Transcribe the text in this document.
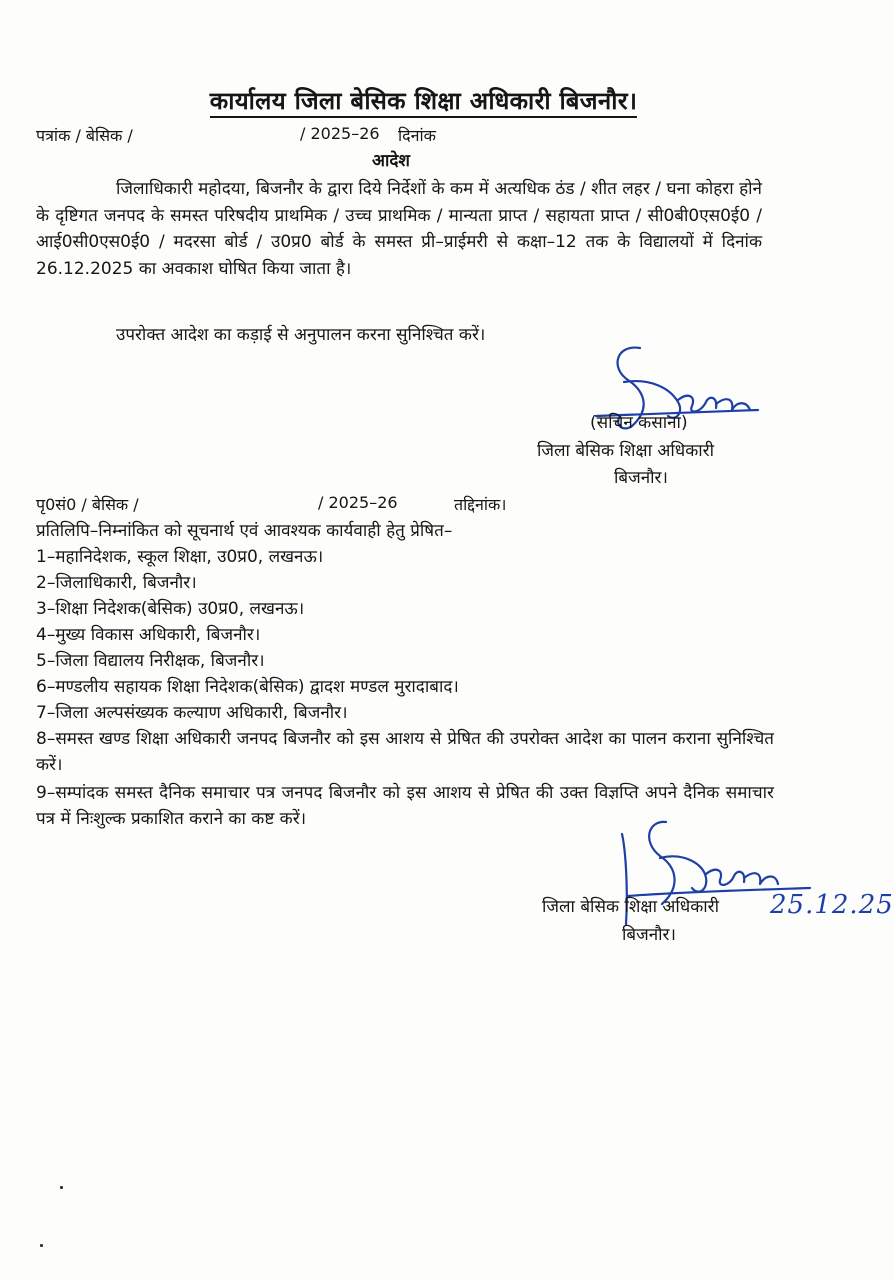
कार्यालय जिला बेसिक शिक्षा अधिकारी बिजनौर।
पत्रांक / बेसिक /	/ 2025–26 दिनांक
आदेश
जिलाधिकारी महोदया, बिजनौर के द्वारा दिये निर्देशों के कम में अत्यधिक ठंड / शीत लहर / घना कोहरा होने के दृष्टिगत जनपद के समस्त परिषदीय प्राथमिक / उच्च प्राथमिक / मान्यता प्राप्त / सहायता प्राप्त / सी0बी0एस0ई0 / आई0सी0एस0ई0 / मदरसा बोर्ड / उ0प्र0 बोर्ड के समस्त प्री–प्राईमरी से कक्षा–12 तक के विद्यालयों में दिनांक 26.12.2025 का अवकाश घोषित किया जाता है।
उपरोक्त आदेश का कड़ाई से अनुपालन करना सुनिश्चित करें।
(सचिन कसाना)
जिला बेसिक शिक्षा अधिकारी
बिजनौर।
पृ0सं0 / बेसिक /	/ 2025–26	तद्दिनांक।
प्रतिलिपि–निम्नांकित को सूचनार्थ एवं आवश्यक कार्यवाही हेतु प्रेषित–
1–महानिदेशक, स्कूल शिक्षा, उ0प्र0, लखनऊ।
2–जिलाधिकारी, बिजनौर।
3–शिक्षा निदेशक(बेसिक) उ0प्र0, लखनऊ।
4–मुख्य विकास अधिकारी, बिजनौर।
5–जिला विद्यालय निरीक्षक, बिजनौर।
6–मण्डलीय सहायक शिक्षा निदेशक(बेसिक) द्वादश मण्डल मुरादाबाद।
7–जिला अल्पसंख्यक कल्याण अधिकारी, बिजनौर।
8–समस्त खण्ड शिक्षा अधिकारी जनपद बिजनौर को इस आशय से प्रेषित की उपरोक्त आदेश का पालन कराना सुनिश्चित करें।
9–सम्पांदक समस्त दैनिक समाचार पत्र जनपद बिजनौर को इस आशय से प्रेषित की उक्त विज्ञप्ति अपने दैनिक समाचार पत्र में निःशुल्क प्रकाशित कराने का कष्ट करें।
25.12.25
जिला बेसिक शिक्षा अधिकारी
बिजनौर।
